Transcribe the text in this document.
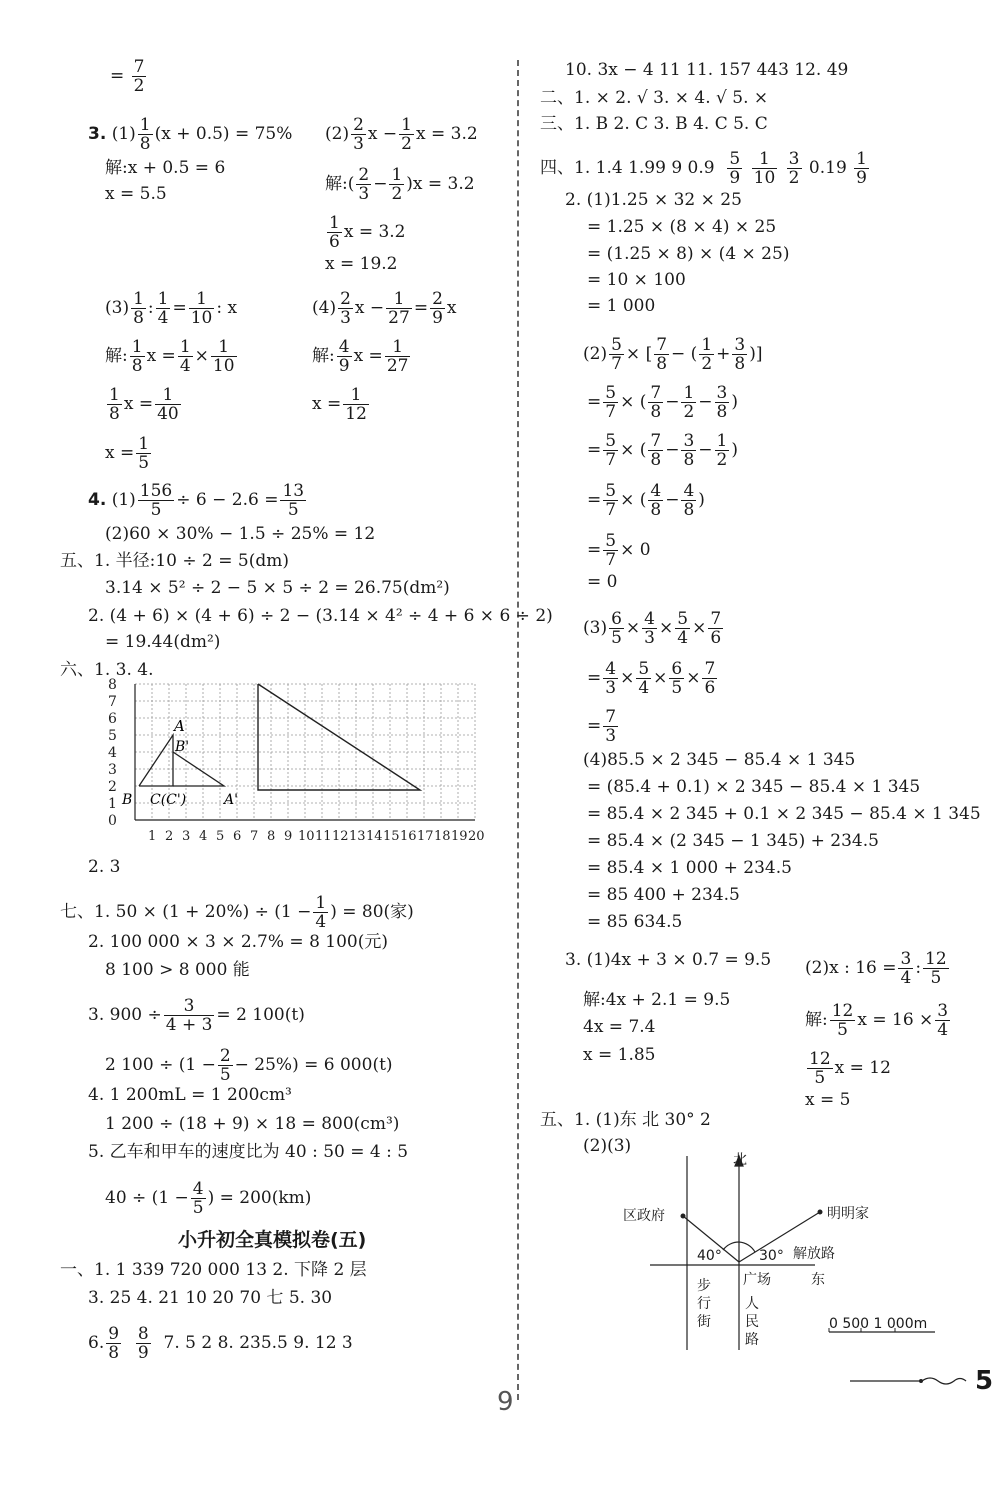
= $\frac{7}{2}$
3. $(1) \frac{1}{8} (x + 0.5) = 75\%$ $(2) \frac{2}{3}$ $x - \frac{1}{2}$ x = 3.2
解:x + 0.5 = 6
x = 5.5	解:( $\frac{2}{3} - \frac{1}{2} )x = 3.2$
$\frac{1}{6}$ x = 3.2
x = 19.2
$(3) \frac{1}{8}$ : $\frac{1}{4} = \frac{1}{10}$ : x	$(4) \frac{2}{3}$ $x - \frac{1}{27} = \frac{2}{9}$ x
解: $\frac{1}{8}$ $x = \frac{1}{4} \times \frac{1}{10}$	解: $\frac{4}{9}$ $x = \frac{1}{27}$
$\frac{1}{8}$ $x = \frac{1}{40}$	$x = \frac{1}{12}$
$x = \frac{1}{5}$
4. $(1) \frac{156}{5} \div 6 - 2.6 = \frac{13}{5}$
(2)60 × 30% − 1.5 ÷ 25% = 12
五、1. 半径:10 ÷ 2 = 5(dm)
3.14 × 5² ÷ 2 − 5 × 5 ÷ 2 = 26.75(dm²)
2. (4 + 6) × (4 + 6) ÷ 2 − (3.14 × 4² ÷ 4 + 6 × 6 ÷ 2)
= 19.44(dm²)
六、1. 3. 4.
0
1
2
3
4
5
6
7
8
1 2 3 4 5 6 7 8 9 10 11 12 13 14 15 16 17 18 19 20
A
B'
B C(C')	A'
2. 3
七、1. $50 \times (1 + 20\%) \div (1 - \frac{1}{4}$ ) = 80(家)
2. 100 000 × 3 × 2.7% = 8 100(元)
8 100 > 8 000 能
3. $900 \div \frac{3}{4 + 3} = 2$ 100(t)
2 $100 \div (1 - \frac{2}{5} - 25\%) = 6$ 000(t)
4. 1 200mL = 1 200cm³
1 200 ÷ (18 + 9) × 18 = 800(cm³)
5. 乙车和甲车的速度比为 40 : 50 = 4 : 5
$40 \div (1 - \frac{4}{5}$ ) = 200(km)
小升初全真模拟卷(五)
一、1. 1 339 720 000 13 2. 下降 2 层
3. 25 4. 21 10 20 70 七 5. 30
6. $\frac{9}{8}$
$\frac{8}{9} 7$. 5 2 8. 235.5 9. 12 3
10. 3x − 4 11 11. 157 443 12. 49
二、1. × 2. √ 3. × 4. √ 5. ×
三、1. B 2. C 3. B 4. C 5. C
四、1. 1.4 1.99 9 $0.9 \frac{5}{9}$
$\frac{1}{10}$
$\frac{3}{2} 0.19 \frac{1}{9}$
2. (1)1.25 × 32 × 25
= 1.25 × (8 × 4) × 25
= (1.25 × 8) × (4 × 25)
= 10 × 100
= 1 000
$(2) \frac{5}{7}$ × [ $\frac{7}{8}$ − ( $\frac{1}{2} + \frac{3}{8}$ )]
= $\frac{5}{7}$ × ( $\frac{7}{8} - \frac{1}{2} - \frac{3}{8}$ )
= $\frac{5}{7}$ × ( $\frac{7}{8} - \frac{3}{8} - \frac{1}{2}$ )
= $\frac{5}{7}$ × ( $\frac{4}{8} - \frac{4}{8}$ )
= $\frac{5}{7} \times 0$
= 0
$(3) \frac{6}{5} \times \frac{4}{3} \times \frac{5}{4} \times \frac{7}{6}$
= $\frac{4}{3} \times \frac{5}{4} \times \frac{6}{5} \times \frac{7}{6}$
= $\frac{7}{3}$
(4)85.5 × 2 345 − 85.4 × 1 345
= (85.4 + 0.1) × 2 345 − 85.4 × 1 345
= 85.4 × 2 345 + 0.1 × 2 345 − 85.4 × 1 345
= 85.4 × (2 345 − 1 345) + 234.5
= 85.4 × 1 000 + 234.5
= 85 400 + 234.5
= 85 634.5
3. (1)4x + 3 × 0.7 = 9.5 (2)x : $16 = \frac{3}{4}$ : $\frac{12}{5}$
解:4x + 2.1 = 9.5
解: $\frac{12}{5}$ $x = 16 \times \frac{3}{4}$
4x = 7.4
$\frac{12}{5}$ x = 12
x = 1.85
x = 5
五、1. (1)东 北 30° 2
(2)(3)
北
区政府	明明家
40°	30° 解放路
广场	东
步行街
人民路
0 500 1 000m
5
9
